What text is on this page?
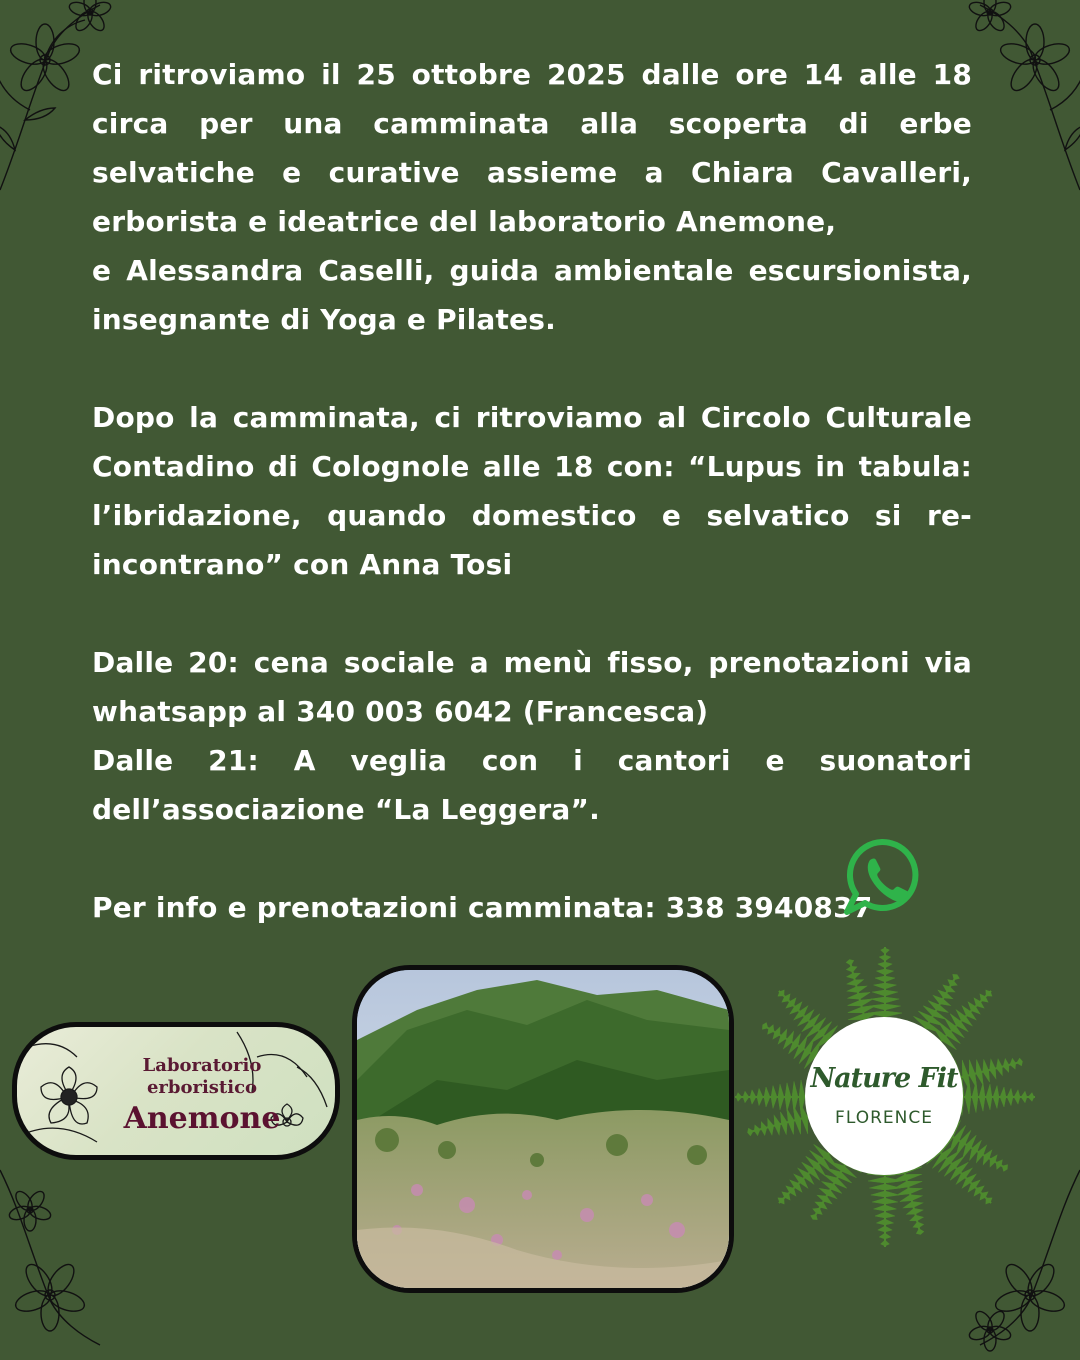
Ci ritroviamo il 25 ottobre 2025 dalle ore 14 alle 18 circa per una camminata alla scoperta di erbe selvatiche e curative assieme a Chiara Cavalleri, erborista e ideatrice del laboratorio Anemone,

e Alessandra Caselli, guida ambientale escursionista, insegnante di Yoga e Pilates.

Dopo la camminata, ci ritroviamo al Circolo Culturale Contadino di Colognole alle 18 con: “Lupus in tabula: l’ibridazione, quando domestico e selvatico si re-incontrano” con Anna Tosi

Dalle 20: cena sociale a menù fisso, prenotazioni via whatsapp al 340 003 6042 (Francesca)

Dalle 21: A veglia con i cantori e suonatori dell’associazione “La Leggera”.

Per info e prenotazioni camminata: 338 3940837

Laboratorio
erboristico
Anemone
Nature Fit
FLORENCE
